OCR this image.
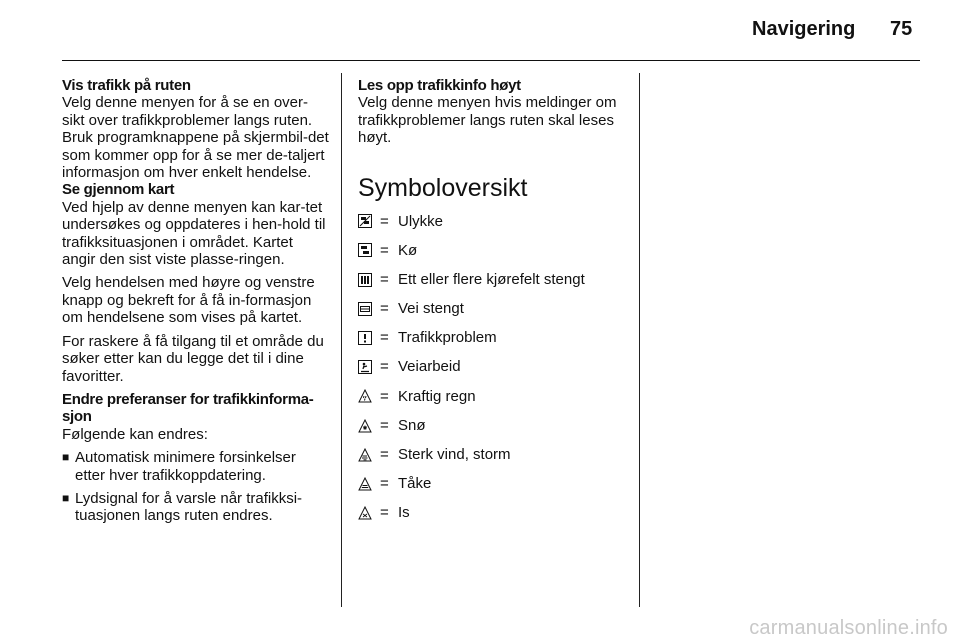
Navigering 75

Vis trafikk på ruten

Velg denne menyen for å se en over-sikt over trafikkproblemer langs ruten. Bruk programknappene på skjermbil-det som kommer opp for å se mer de-taljert informasjon om hver enkelt hendelse.

Se gjennom kart

Ved hjelp av denne menyen kan kar-tet undersøkes og oppdateres i hen-hold til trafikksituasjonen i området. Kartet angir den sist viste plasse-ringen.

Velg hendelsen med høyre og venstre knapp og bekreft for å få in-formasjon om hendelsene som vises på kartet.

For raskere å få tilgang til et område du søker etter kan du legge det til i dine favoritter.

Endre preferanser for trafikkinforma-sjon

Følgende kan endres:

■ Automatisk minimere forsinkelser etter hver trafikkoppdatering.
■ Lydsignal for å varsle når trafikksi-tuasjonen langs ruten endres.

Les opp trafikkinfo høyt

Velg denne menyen hvis meldinger om trafikkproblemer langs ruten skal leses høyt.

Symboloversikt
= Ulykke
= Kø
= Ett eller flere kjørefelt stengt
= Vei stengt
= Trafikkproblem
= Veiarbeid
= Kraftig regn
= Snø
= Sterk vind, storm
= Tåke
= Is
carmanualsonline.info
